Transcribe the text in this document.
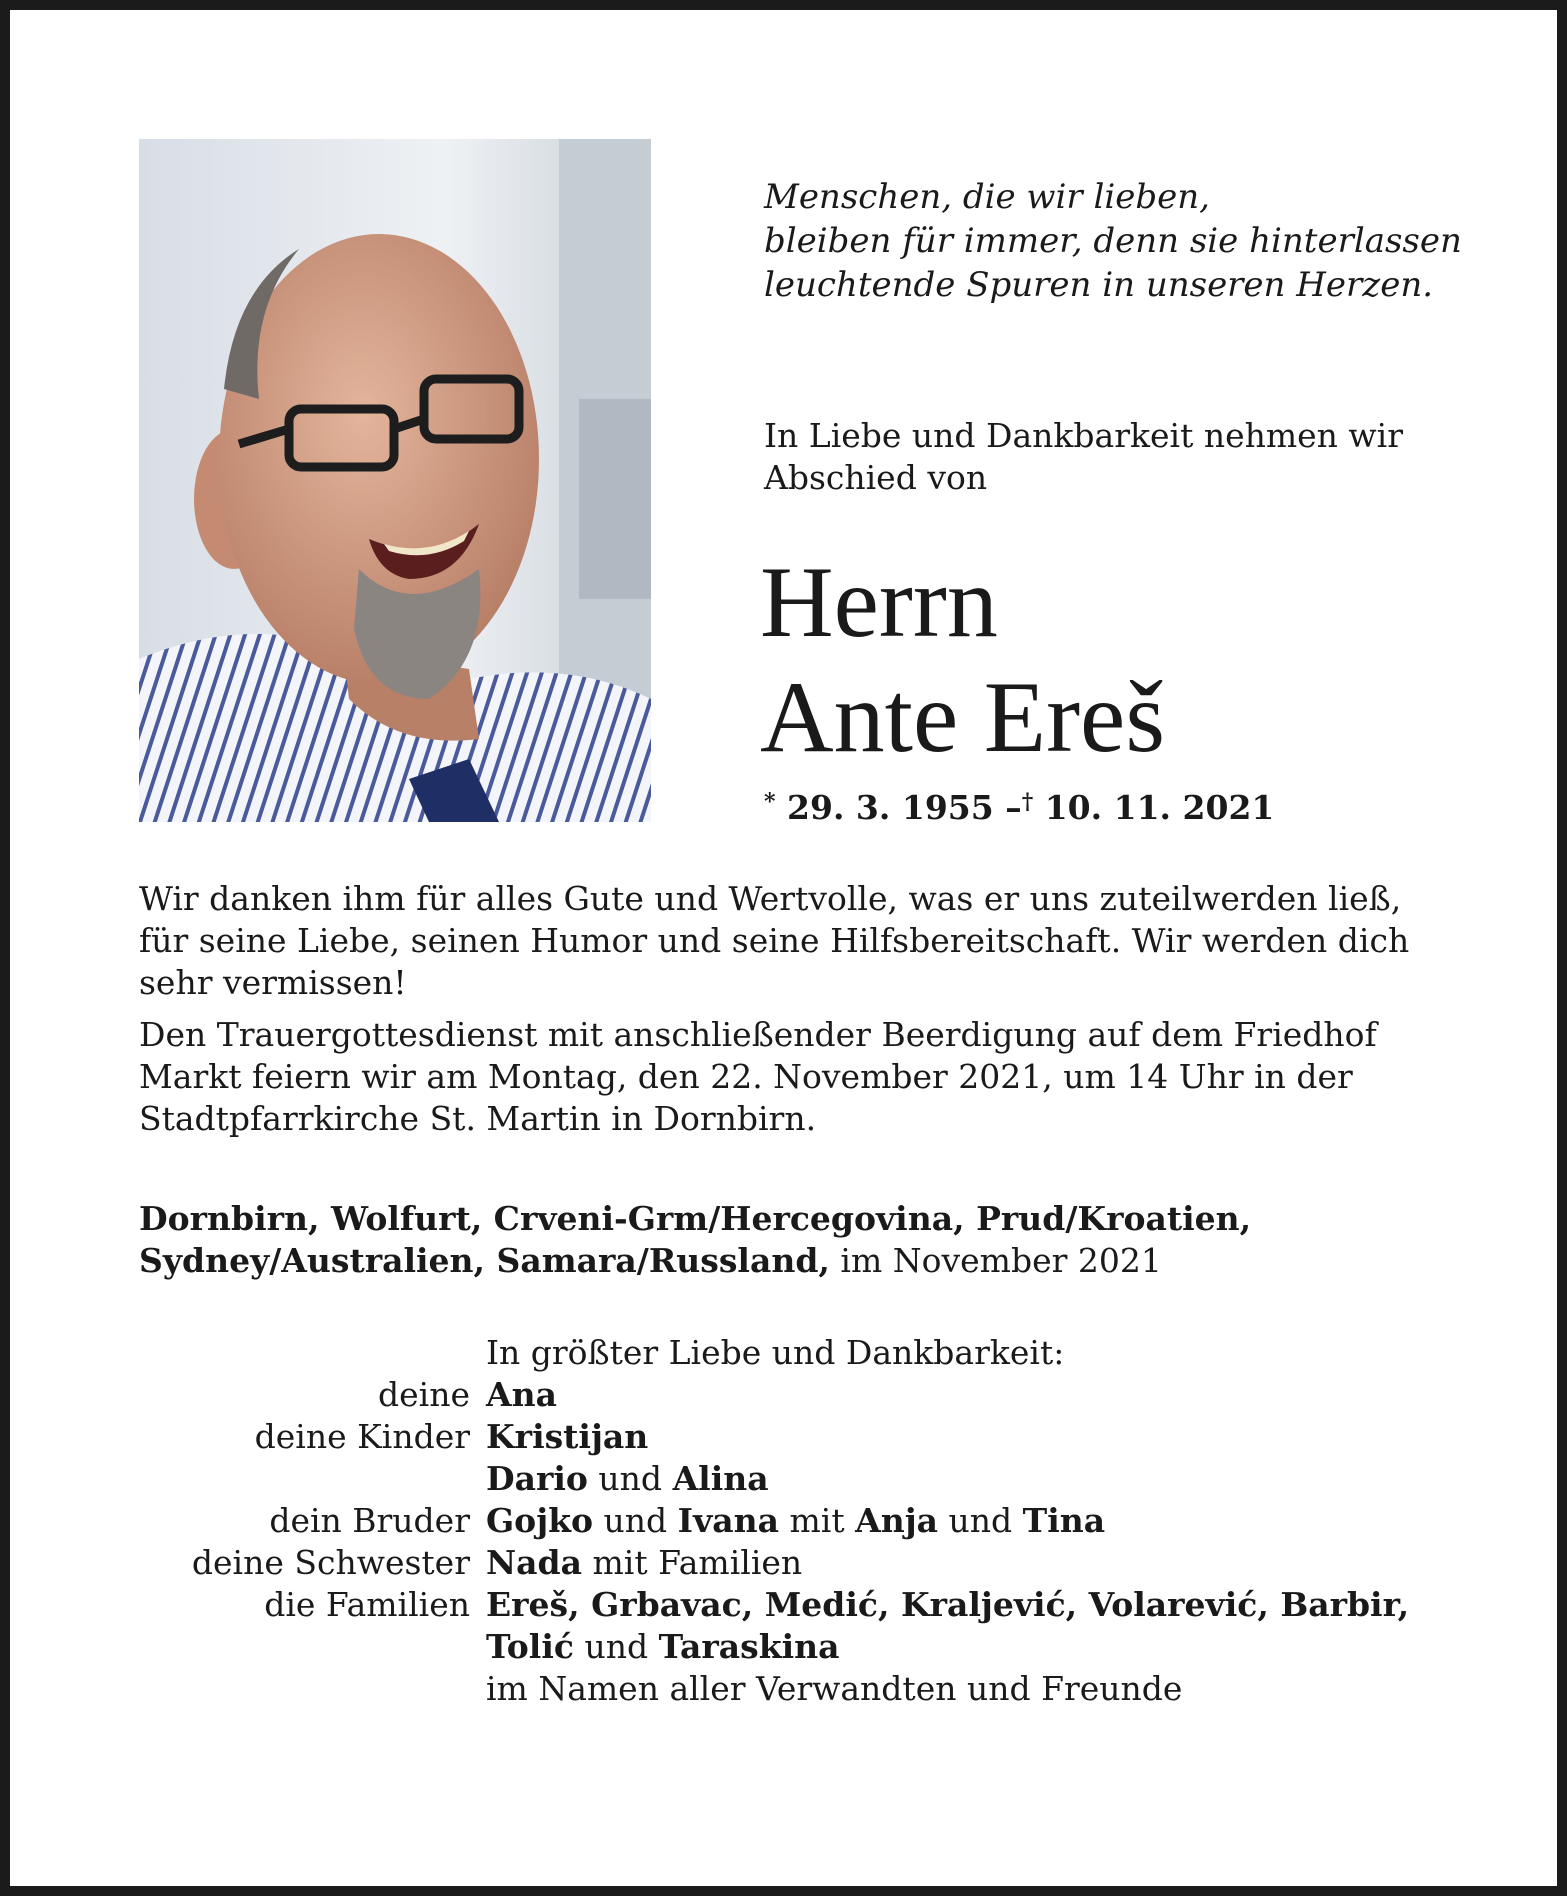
Menschen, die wir lieben,
bleiben für immer, denn sie hinterlassen
leuchtende Spuren in unseren Herzen.
In Liebe und Dankbarkeit nehmen wir
Abschied von
Herrn
Ante Ereš
* 29. 3. 1955 –† 10. 11. 2021

Wir danken ihm für alles Gute und Wertvolle, was er uns zuteilwerden ließ, für seine Liebe, seinen Humor und seine Hilfsbereitschaft. Wir werden dich sehr vermissen!

Den Trauergottesdienst mit anschließender Beerdigung auf dem Friedhof Markt feiern wir am Montag, den 22. November 2021, um 14 Uhr in der Stadtpfarrkirche St. Martin in Dornbirn.

Dornbirn, Wolfurt, Crveni-Grm/Hercegovina, Prud/Kroatien, Sydney/Australien, Samara/Russland, im November 2021
In größter Liebe und Dankbarkeit:
deine Ana
deine Kinder Kristijan
Dario und Alina
dein Bruder Gojko und Ivana mit Anja und Tina
deine Schwester Nada mit Familien
die Familien Ereš, Grbavac, Medić, Kraljević, Volarević, Barbir,
Tolić und Taraskina
im Namen aller Verwandten und Freunde
